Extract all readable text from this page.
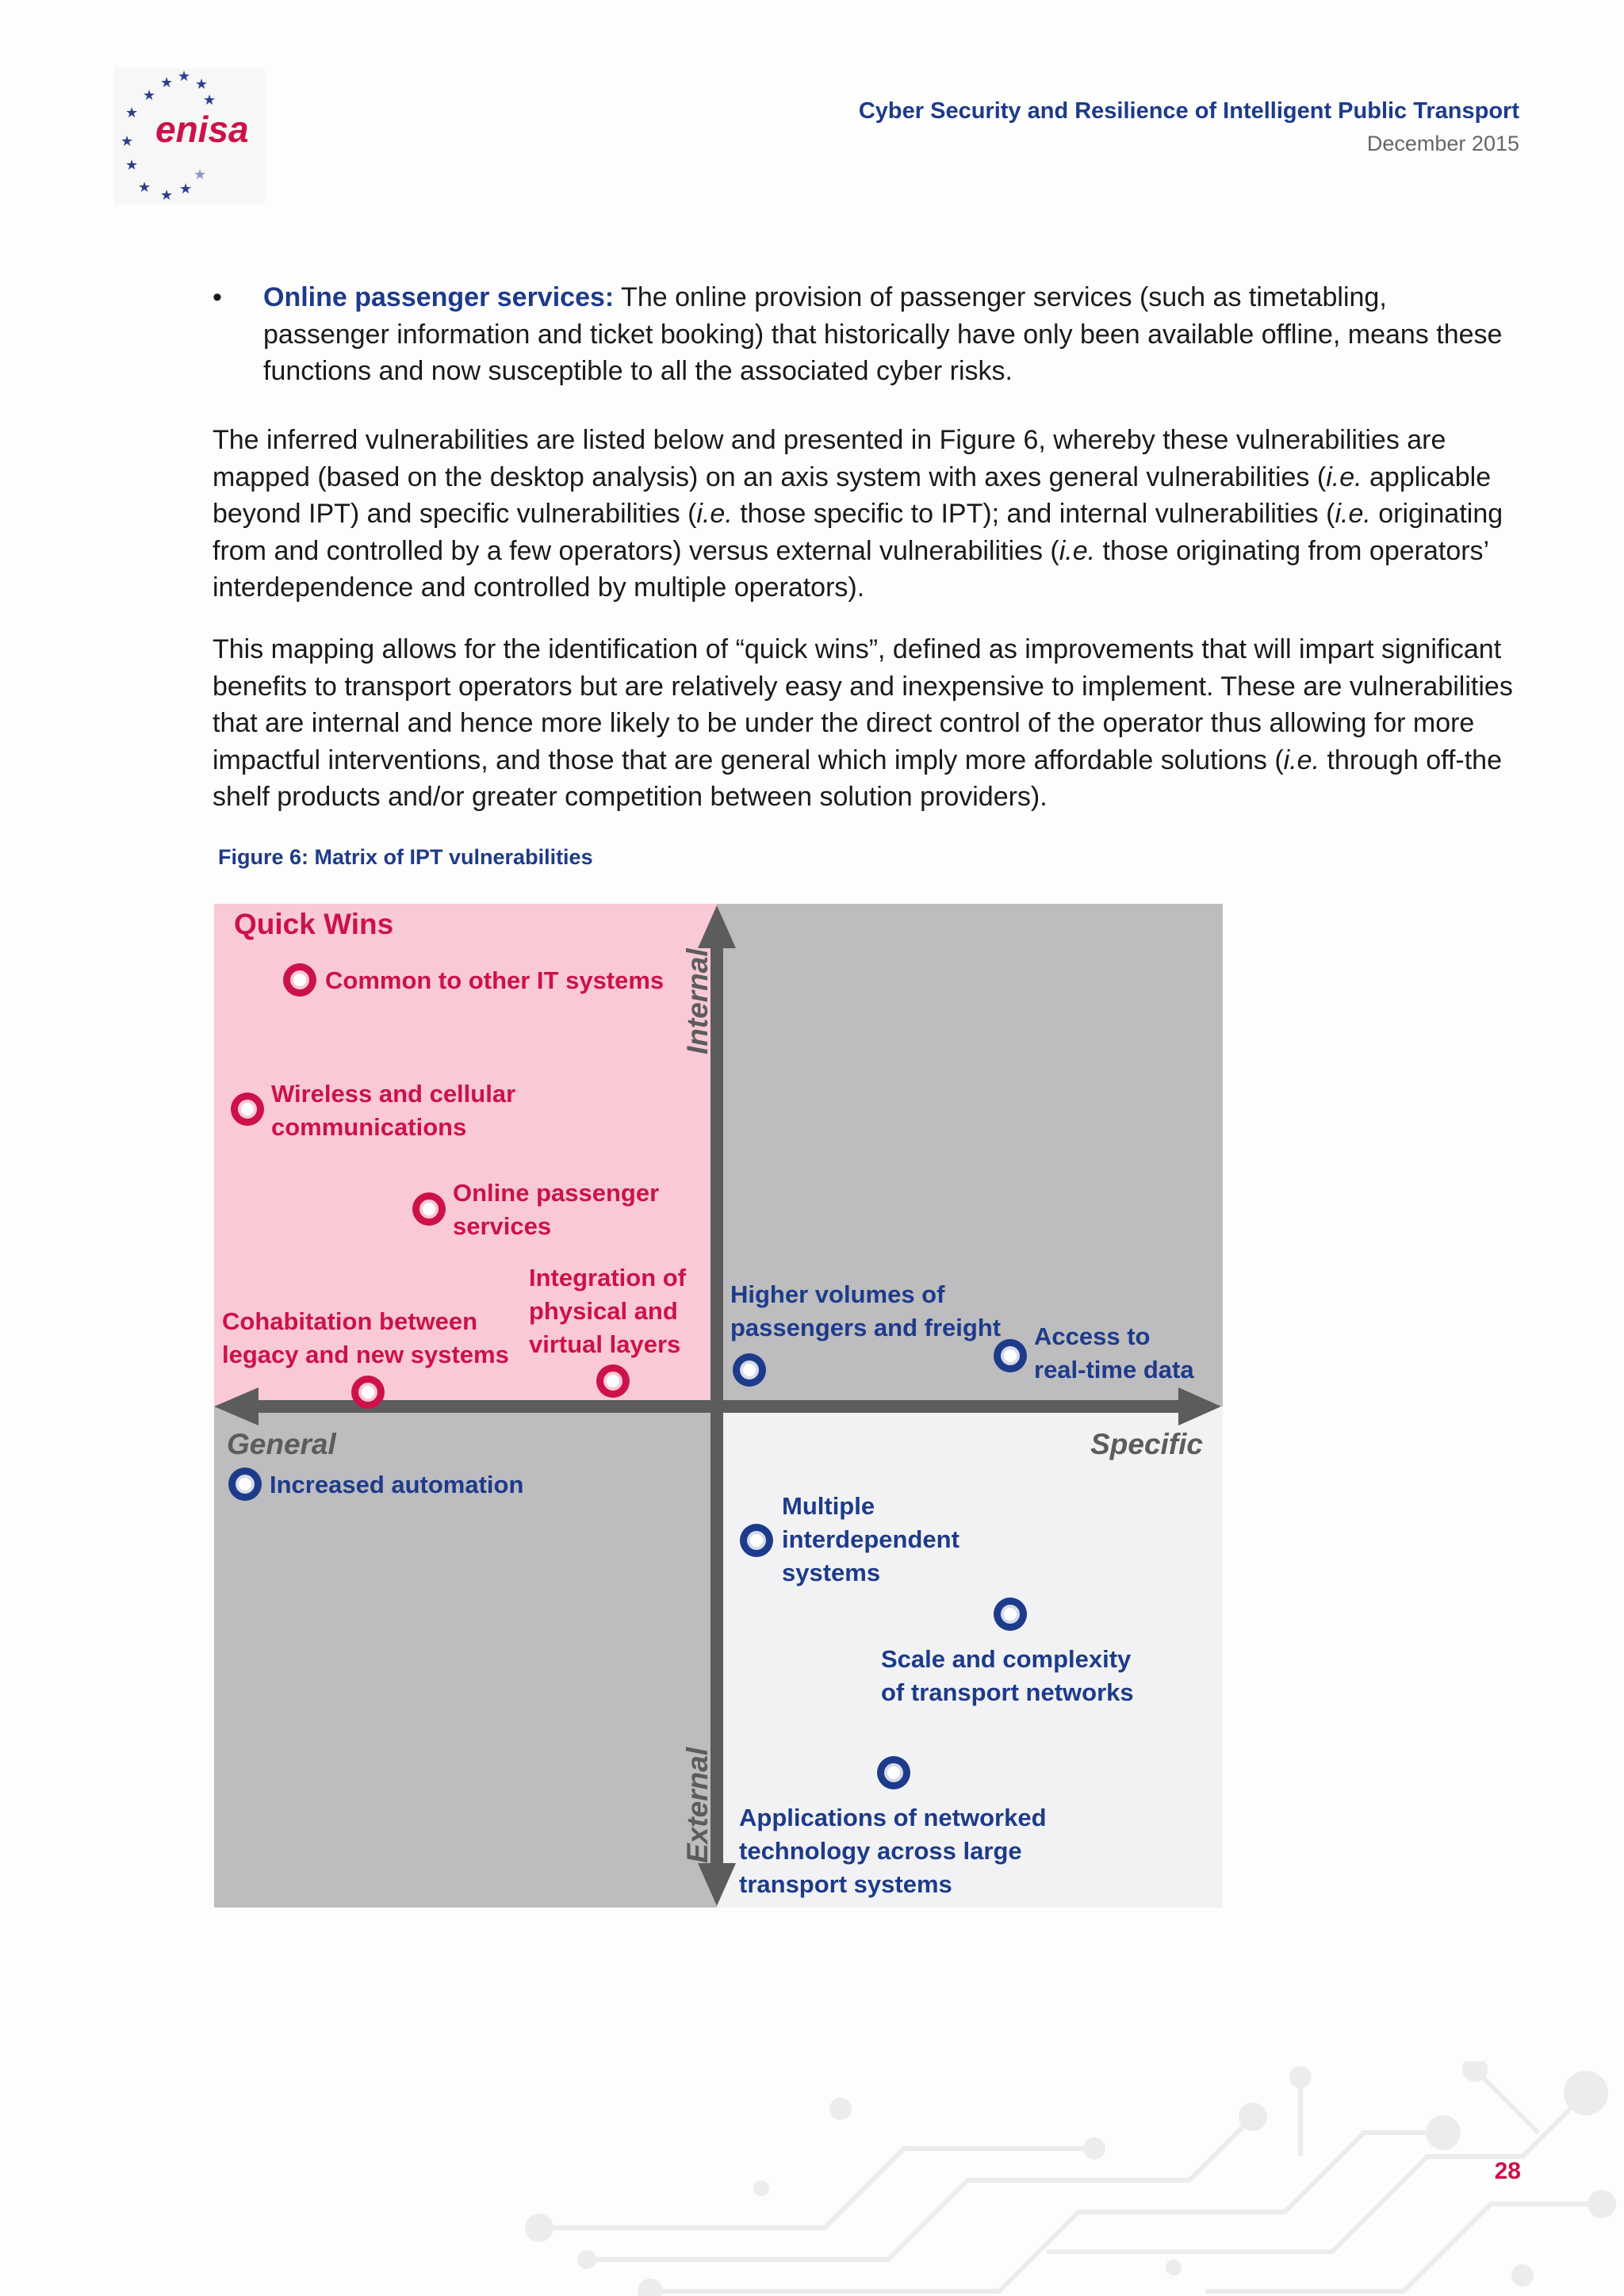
★ ★ ★
★	★
★
★
★
★ ★ ★
★
enisa	Cyber Security and Resilience of Intelligent Public Transport
December 2015
• Online passenger services: The online provision of passenger services (such as timetabling, passenger information and ticket booking) that historically have only been available offline, means these functions and now susceptible to all the associated cyber risks.

The inferred vulnerabilities are listed below and presented in Figure 6, whereby these vulnerabilities are mapped (based on the desktop analysis) on an axis system with axes general vulnerabilities (i.e. applicable beyond IPT) and specific vulnerabilities (i.e. those specific to IPT); and internal vulnerabilities (i.e. originating from and controlled by a few operators) versus external vulnerabilities (i.e. those originating from operators’ interdependence and controlled by multiple operators).

This mapping allows for the identification of “quick wins”, defined as improvements that will impart significant benefits to transport operators but are relatively easy and inexpensive to implement. These are vulnerabilities that are internal and hence more likely to be under the direct control of the operator thus allowing for more impactful interventions, and those that are general which imply more affordable solutions (i.e. through off-the shelf products and/or greater competition between solution providers).

Figure 6: Matrix of IPT vulnerabilities
Internal
External
General	Specific
Quick Wins
Common to other IT systems
Wireless and cellular communications
Online passenger services
Integration of physical and virtual layers
Cohabitation between legacy and new systems
Higher volumes of passengers and freight Access to real-time data
Increased automation
Multiple interdependent systems
Scale and complexity of transport networks
Applications of networked technology across large transport systems
28
